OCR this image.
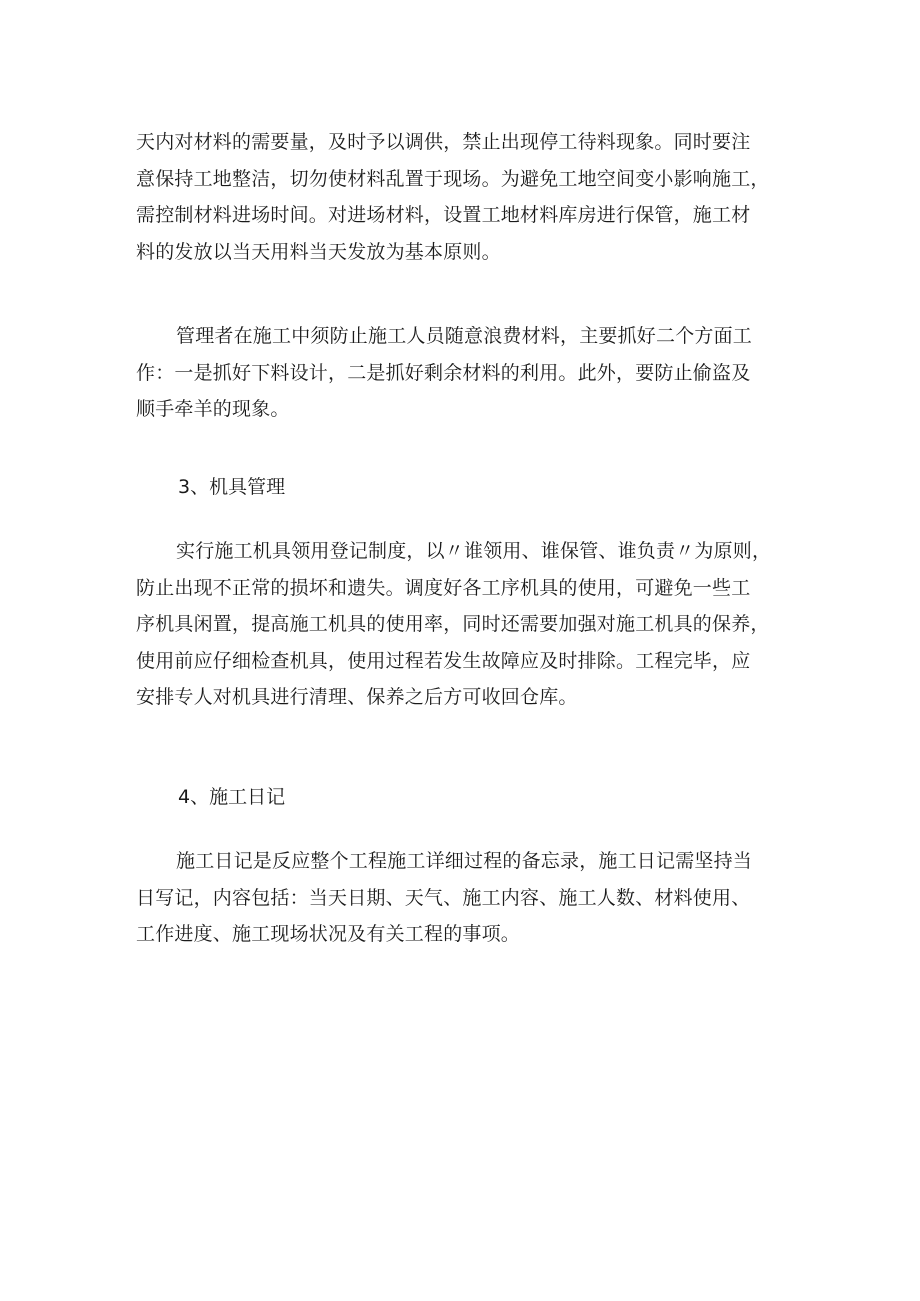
天内对材料的需要量，及时予以调供，禁止出现停工待料现象。同时要注
意保持工地整洁，切勿使材料乱置于现场。为避免工地空间变小影响施工，
需控制材料进场时间。对进场材料，设置工地材料库房进行保管，施工材
料的发放以当天用料当天发放为基本原则。
管理者在施工中须防止施工人员随意浪费材料，主要抓好二个方面工
作：一是抓好下料设计，二是抓好剩余材料的利用。此外，要防止偷盗及
顺手牵羊的现象。
3、机具管理
实行施工机具领用登记制度，以〃谁领用、谁保管、谁负责〃为原则，
防止出现不正常的损坏和遗失。调度好各工序机具的使用，可避免一些工
序机具闲置，提高施工机具的使用率，同时还需要加强对施工机具的保养，
使用前应仔细检查机具，使用过程若发生故障应及时排除。工程完毕，应
安排专人对机具进行清理、保养之后方可收回仓库。
4、施工日记
施工日记是反应整个工程施工详细过程的备忘录，施工日记需坚持当
日写记，内容包括：当天日期、天气、施工内容、施工人数、材料使用、
工作进度、施工现场状况及有关工程的事项。
